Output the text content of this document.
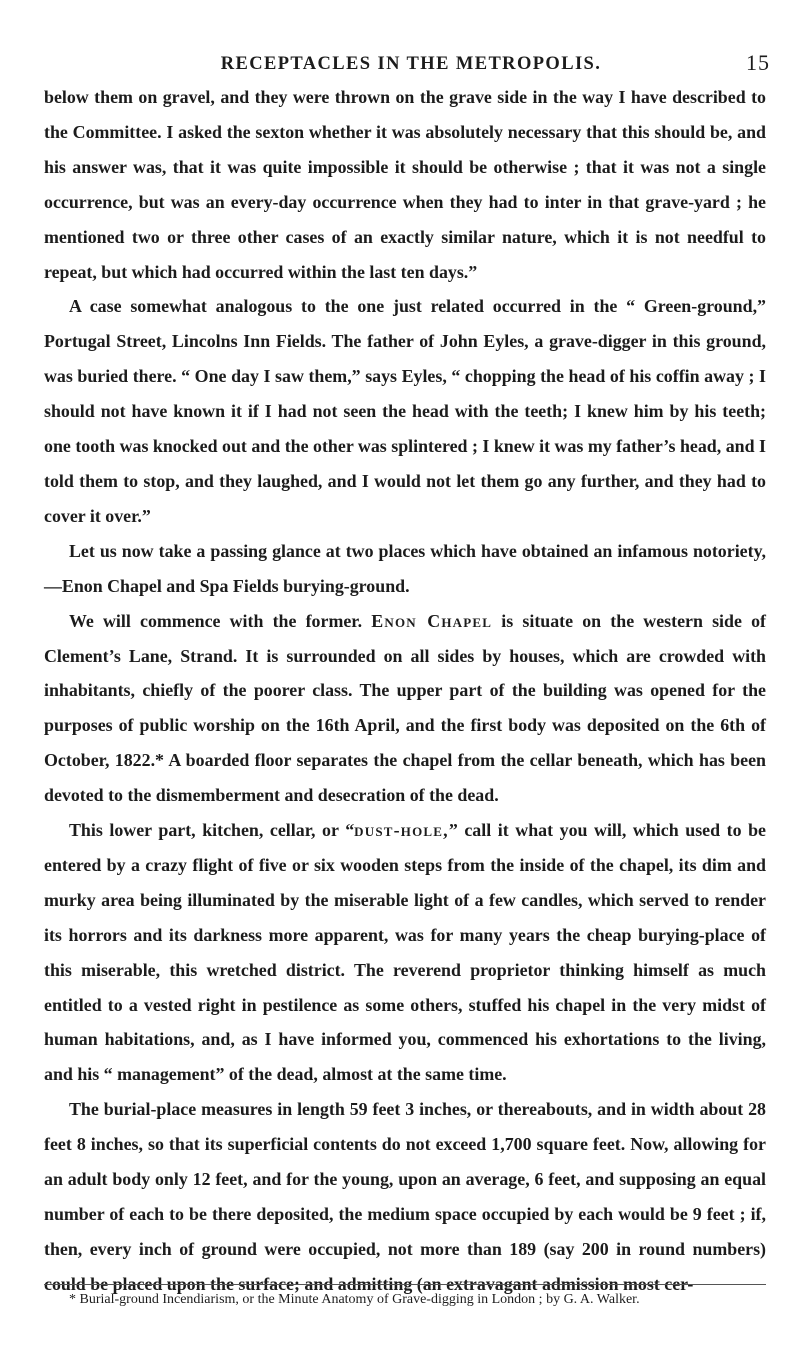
RECEPTACLES IN THE METROPOLIS.	15

below them on gravel, and they were thrown on the grave side in the way I have described to the Committee. I asked the sexton whether it was absolutely necessary that this should be, and his answer was, that it was quite impossible it should be otherwise ; that it was not a single occurrence, but was an every-day occurrence when they had to inter in that grave-yard ; he mentioned two or three other cases of an exactly similar nature, which it is not needful to repeat, but which had occurred within the last ten days.”

A case somewhat analogous to the one just related occurred in the “ Green-ground,” Portugal Street, Lincolns Inn Fields. The father of John Eyles, a grave-digger in this ground, was buried there. “ One day I saw them,” says Eyles, “ chopping the head of his coffin away ; I should not have known it if I had not seen the head with the teeth; I knew him by his teeth; one tooth was knocked out and the other was splintered ; I knew it was my father’s head, and I told them to stop, and they laughed, and I would not let them go any further, and they had to cover it over.”

Let us now take a passing glance at two places which have obtained an infamous notoriety,—Enon Chapel and Spa Fields burying-ground.

We will commence with the former. Enon Chapel is situate on the western side of Clement’s Lane, Strand. It is surrounded on all sides by houses, which are crowded with inhabitants, chiefly of the poorer class. The upper part of the building was opened for the purposes of public worship on the 16th April, and the first body was deposited on the 6th of October, 1822.* A boarded floor separates the chapel from the cellar beneath, which has been devoted to the dismemberment and desecration of the dead.

This lower part, kitchen, cellar, or “dust-hole,” call it what you will, which used to be entered by a crazy flight of five or six wooden steps from the inside of the chapel, its dim and murky area being illuminated by the miserable light of a few candles, which served to render its horrors and its darkness more apparent, was for many years the cheap burying-place of this miserable, this wretched district. The reverend proprietor thinking himself as much entitled to a vested right in pestilence as some others, stuffed his chapel in the very midst of human habitations, and, as I have informed you, commenced his exhortations to the living, and his “ management” of the dead, almost at the same time.

The burial-place measures in length 59 feet 3 inches, or thereabouts, and in width about 28 feet 8 inches, so that its superficial contents do not exceed 1,700 square feet. Now, allowing for an adult body only 12 feet, and for the young, upon an average, 6 feet, and supposing an equal number of each to be there deposited, the medium space occupied by each would be 9 feet ; if, then, every inch of ground were occupied, not more than 189 (say 200 in round numbers) could be placed upon the surface; and admitting (an extravagant admission most cer-

* Burial-ground Incendiarism, or the Minute Anatomy of Grave-digging in London ; by G. A. Walker.
